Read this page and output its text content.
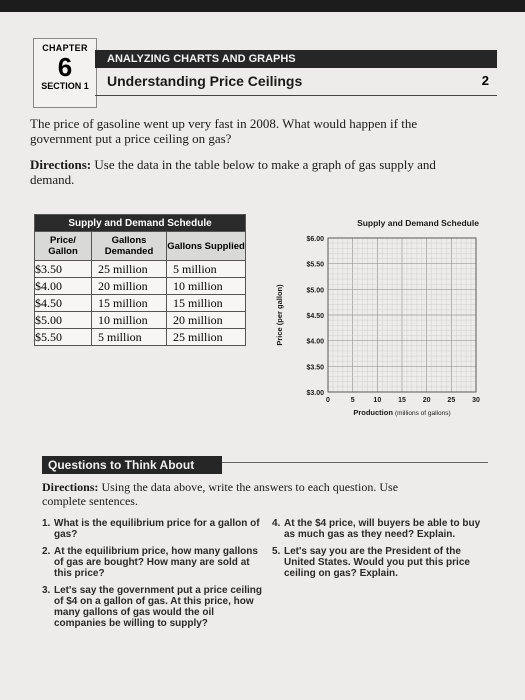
CHAPTER
6
SECTION 1
ANALYZING CHARTS AND GRAPHS
Understanding Price Ceilings	2
The price of gasoline went up very fast in 2008. What would happen if the government put a price ceiling on gas?
Directions: Use the data in the table below to make a graph of gas supply and demand.
Supply and Demand Schedule		
Price/ Gallon	Gallons Demanded	Gallons Supplied
$3.50	25 million	5 million
$4.00	20 million	10 million
$4.50	15 million	15 million
$5.00	10 million	20 million
$5.50	5 million	25 million
Supply and Demand Schedule
$6.00
$5.50
$5.00
$4.50
$4.00
$3.50
$3.00
0	5	10 15 20 25 30
Production (millions of gallons)
Price (per gallon)
Questions to Think About
Directions: Using the data above, write the answers to each question. Use complete sentences.
1. What is the equilibrium price for a gallon of gas?
2. At the equilibrium price, how many gallons of gas are bought? How many are sold at this price?
3. Let's say the government put a price ceiling of $4 on a gallon of gas. At this price, how many gallons of gas would the oil companies be willing to supply?
4. At the $4 price, will buyers be able to buy as much gas as they need? Explain.
5. Let's say you are the President of the United States. Would you put this price ceiling on gas? Explain.
